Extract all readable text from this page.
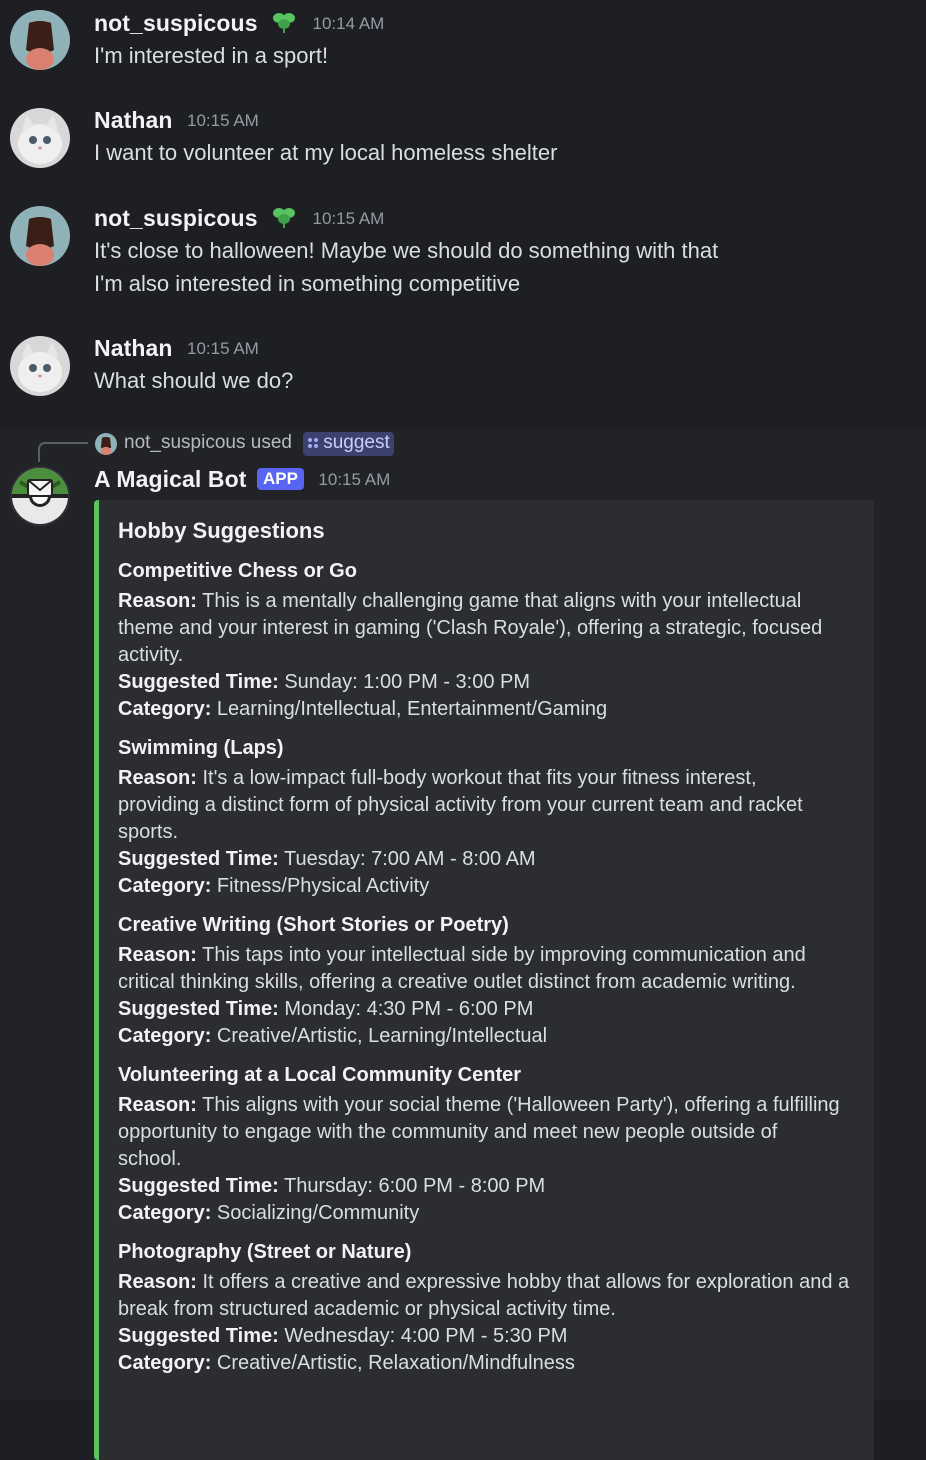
not_suspicous	10:14 AM
I'm interested in a sport!
Nathan 10:15 AM
I want to volunteer at my local homeless shelter
not_suspicous	10:15 AM
It's close to halloween! Maybe we should do something with that
I'm also interested in something competitive
Nathan 10:15 AM
What should we do?
not_suspicous used suggest
A Magical Bot APP 10:15 AM
Hobby Suggestions
Competitive Chess or Go
Reason: This is a mentally challenging game that aligns with your intellectual
theme and your interest in gaming ('Clash Royale'), offering a strategic, focused
activity.
Suggested Time: Sunday: 1:00 PM - 3:00 PM
Category: Learning/Intellectual, Entertainment/Gaming
Swimming (Laps)
Reason: It's a low-impact full-body workout that fits your fitness interest,
providing a distinct form of physical activity from your current team and racket
sports.
Suggested Time: Tuesday: 7:00 AM - 8:00 AM
Category: Fitness/Physical Activity
Creative Writing (Short Stories or Poetry)
Reason: This taps into your intellectual side by improving communication and
critical thinking skills, offering a creative outlet distinct from academic writing.
Suggested Time: Monday: 4:30 PM - 6:00 PM
Category: Creative/Artistic, Learning/Intellectual
Volunteering at a Local Community Center
Reason: This aligns with your social theme ('Halloween Party'), offering a fulfilling
opportunity to engage with the community and meet new people outside of
school.
Suggested Time: Thursday: 6:00 PM - 8:00 PM
Category: Socializing/Community
Photography (Street or Nature)
Reason: It offers a creative and expressive hobby that allows for exploration and a
break from structured academic or physical activity time.
Suggested Time: Wednesday: 4:00 PM - 5:30 PM
Category: Creative/Artistic, Relaxation/Mindfulness
